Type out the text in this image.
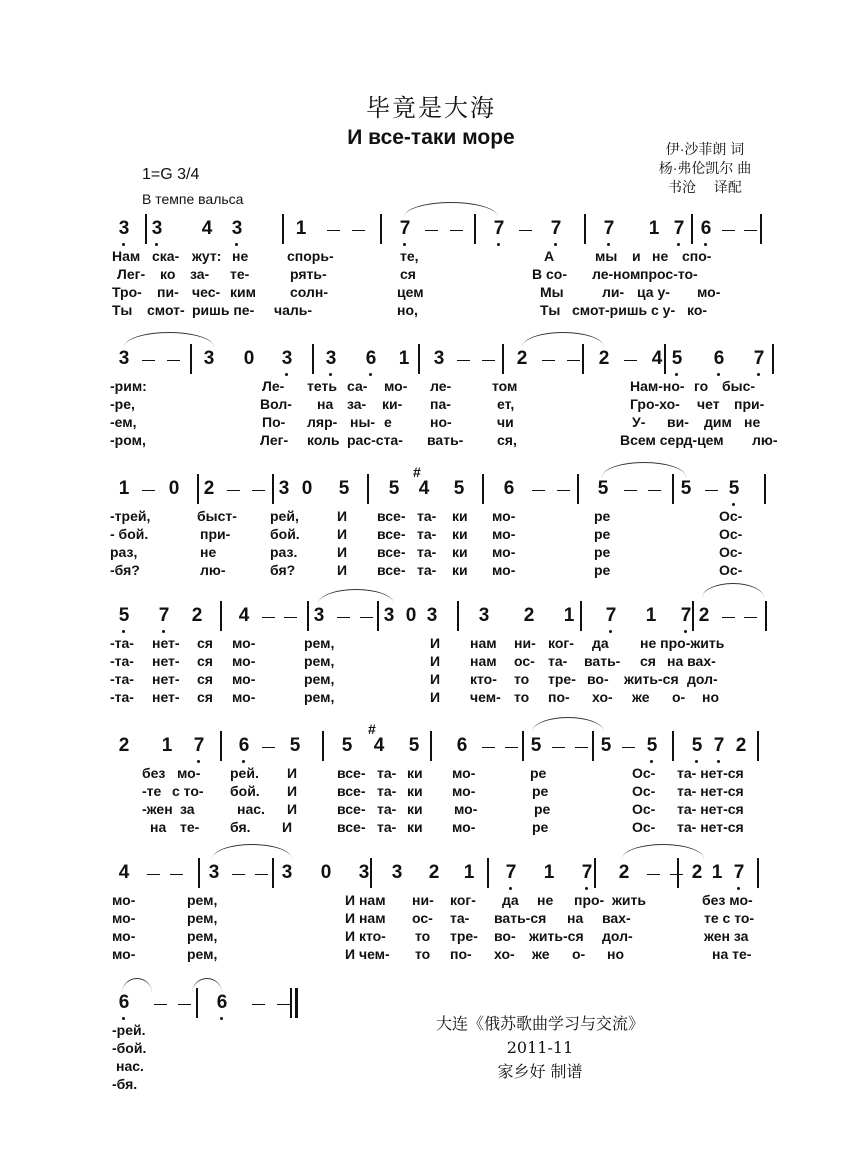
毕竟是大海
И все-таки море	伊·沙菲朗 词
杨·弗伦凯尔 曲
书沧　 译配
1=G 3/4
В темпе вальса
3 3 4 3	1	7	7 7 7 1 7 6
Нам ска- жут: не	спорь-	те,	А	мы и не спо-
Лег- ко за- те-	рять-	ся	В со- ле-ном прос-то-
Тро- пи- чес- ким солн-	цем	Мы	ли- ца у- мо-
Ты смот- ришь пе- чаль-	но,	Ты смот-ришь с у- ко-
3	3 0 3 3 6 1 3	2	2 4 5 6 7
-рим:	Ле- теть са- мо- ле-	том	Нам-но- го быс-
-ре,	Вол- на за- ки- па-	ет,	Гро-хо- чет при-
-ем,	По- ляр- ны- е	но-	чи	У- ви- дим не
-ром,	Лег- коль рас-ста- вать- ся,	Всем серд-цем лю-
1 0 2	3 0 5 5 4
#
5 6	5	5 5
-трей,	быст- рей,	И все- та- ки мо-	ре	Ос-
- бой.	при-	бой.	И все- та- ки мо-	ре	Ос-
раз,	не	раз.	И все- та- ки мо-	ре	Ос-
-бя?	лю-	бя?	И все- та- ки мо-	ре	Ос-
5 7 2 4	3	3 0 3 3 2 1 7 1 7 2
-та- нет- ся мо-	рем,	И нам ни- ког- да не про-жить
-та- нет- ся мо-	рем,	И нам ос- та- вать- ся на вах-
-та- нет- ся мо-	рем,	И кто- то тре- во- жить-ся дол-
-та- нет- ся мо-	рем,	И чем- то по- хо- же о- но
2 1 7 6 5 5 4
#
5 6	5	5 5 5 7 2
без мо- рей. И	все- та- ки мо-	ре	Ос- та- нет-ся
-те с то- бой. И	все- та- ки мо-	ре	Ос- та- нет-ся
-жен за	нас. И	все- та- ки мо-	ре	Ос- та- нет-ся
на те- бя. И	все- та- ки мо-	ре	Ос- та- нет-ся
4	3	3 0 3 3 2 1 7 1 7 2	2 1 7
мо-	рем,	И нам ни- ког- да не про- жить	без мо-
мо-	рем,	И нам ос- та- вать-ся на вах-	те с то-
мо-	рем,	И кто- то тре- во- жить-ся дол-	жен за
мо-	рем,	И чем- то по- хо- же о- но	на те-
6	6
-рей.
-бой.
нас.
-бя.
大连《俄苏歌曲学习与交流》
2011-11
家乡好 制谱
